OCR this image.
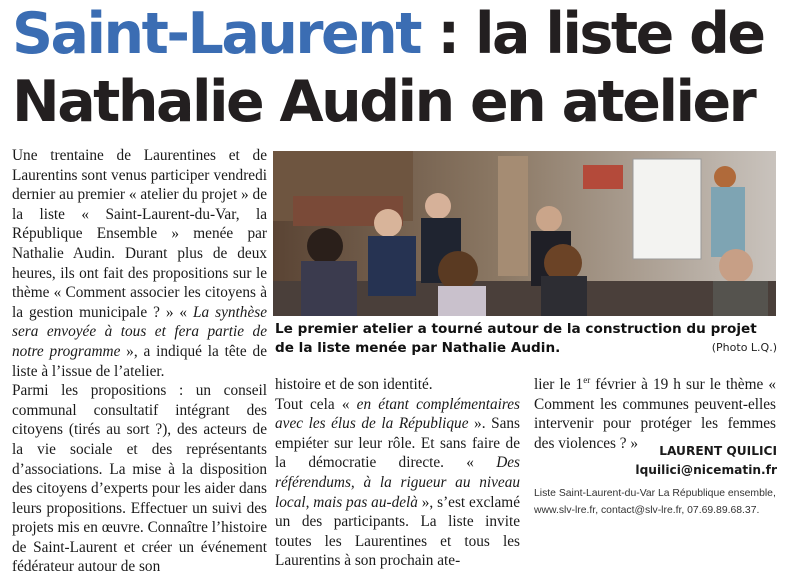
Saint-Laurent : la liste de
Nathalie Audin en atelier

Une trentaine de Laurentines et de Laurentins sont venus participer vendredi dernier au premier « atelier du projet » de la liste « Saint-Laurent-du-Var, la République Ensemble » menée par Nathalie Audin. Durant plus de deux heures, ils ont fait des propositions sur le thème « Comment associer les citoyens à la gestion municipale ? » « La synthèse sera envoyée à tous et fera partie de notre programme », a indiqué la tête de liste à l’issue de l’atelier.

Parmi les propositions : un conseil communal consultatif intégrant des citoyens (tirés au sort ?), des acteurs de la vie sociale et des représentants d’associations. La mise à la disposition des citoyens d’experts pour les aider dans leurs propositions. Effectuer un suivi des projets mis en œuvre. Connaître l’histoire de Saint-Laurent et créer un événement fédérateur autour de son

Le premier atelier a tourné autour de la construction du projet de la liste menée par Nathalie Audin.	(Photo L.Q.)

histoire et de son identité.

Tout cela « en étant complémentaires avec les élus de la République ». Sans empiéter sur leur rôle. Et sans faire de la démocratie directe. « Des référendums, à la rigueur au niveau local, mais pas au-delà », s’est exclamé un des participants. La liste invite toutes les Laurentines et tous les Laurentins à son prochain ate-

lier le 1er février à 19 h sur le thème « Comment les communes peuvent-elles intervenir pour protéger les femmes des violences ? »	LAURENT QUILICI
lquilici@nicematin.fr
Liste Saint-Laurent-du-Var La République ensemble, www.slv-lre.fr, contact@slv-lre.fr, 07.69.89.68.37.
